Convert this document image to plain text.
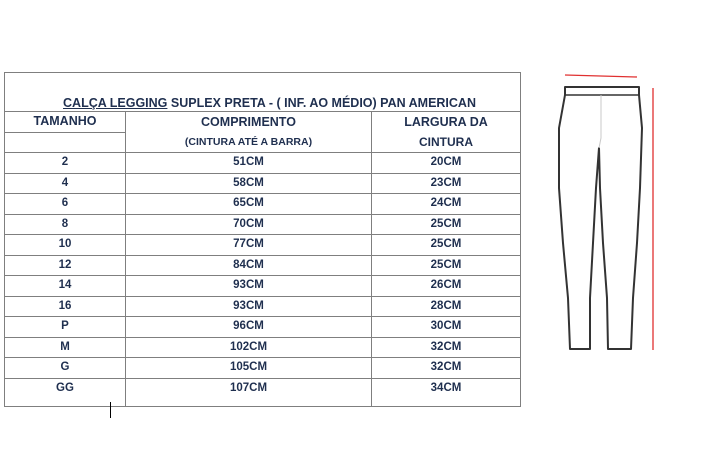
CALÇA LEGGING SUPLEX PRETA - ( INF. AO MÉDIO) PAN AMERICAN		
TAMANHO	COMPRIMENTO	LARGURA DA
	(CINTURA ATÉ A BARRA)	CINTURA
2	51CM	20CM
4	58CM	23CM
6	65CM	24CM
8	70CM	25CM
10	77CM	25CM
12	84CM	25CM
14	93CM	26CM
16	93CM	28CM
P	96CM	30CM
M	102CM	32CM
G	105CM	32CM
GG	107CM	34CM
